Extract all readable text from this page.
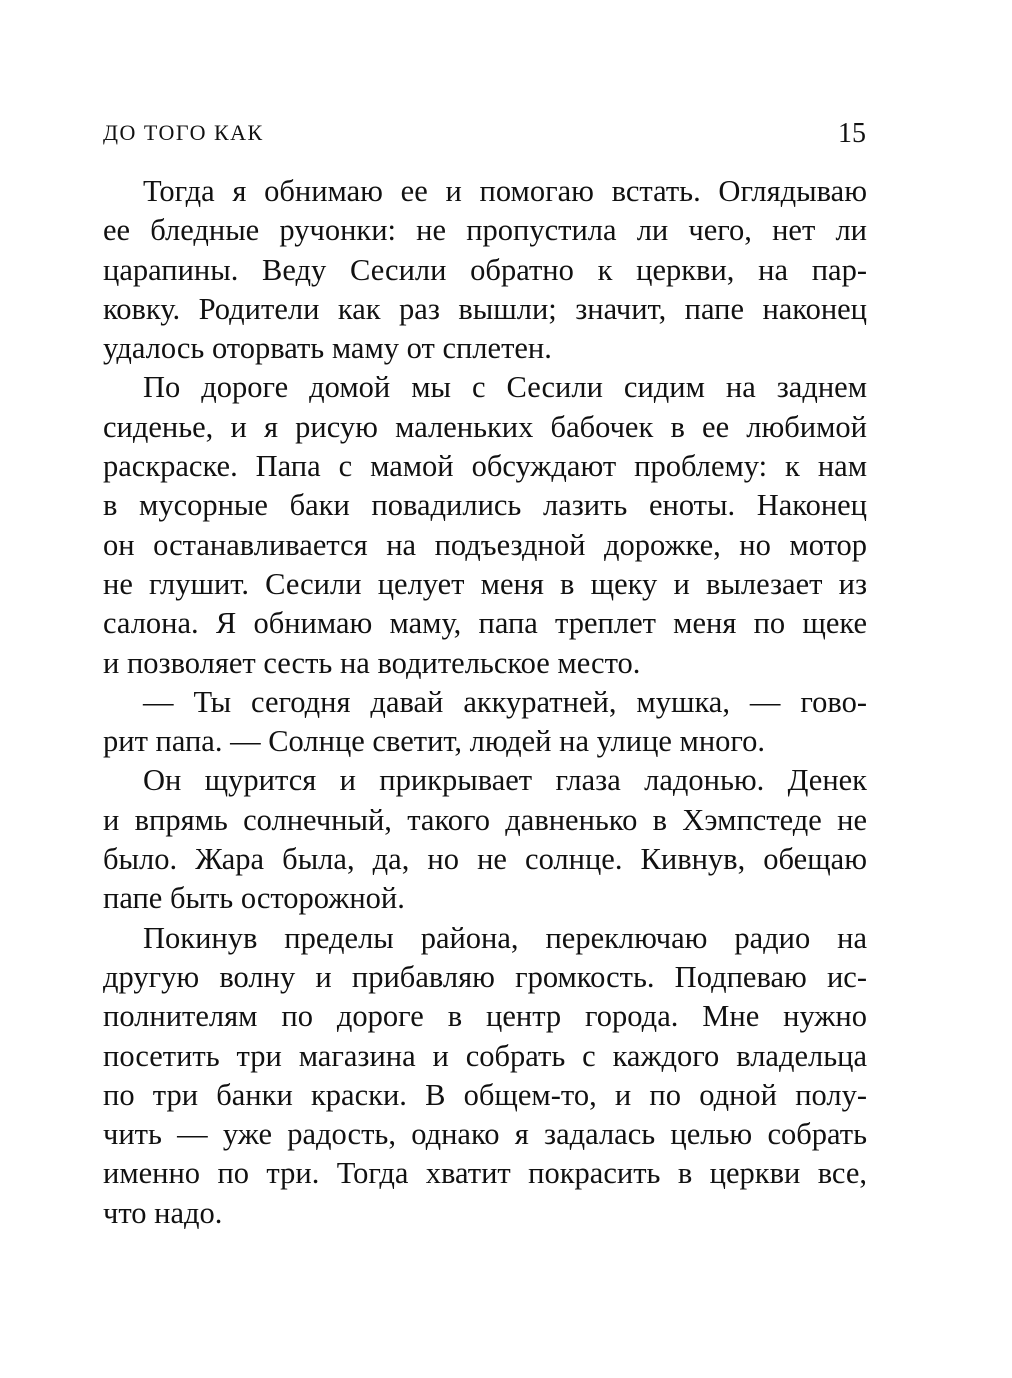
ДО ТОГО КАК	15
Тогда я обнимаю ее и помогаю встать. Оглядываю
ее бледные ручонки: не пропустила ли чего, нет ли
царапины. Веду Сесили обратно к церкви, на пар-
ковку. Родители как раз вышли; значит, папе наконец
удалось оторвать маму от сплетен.
По дороге домой мы с Сесили сидим на заднем
сиденье, и я рисую маленьких бабочек в ее любимой
раскраске. Папа с мамой обсуждают проблему: к нам
в мусорные баки повадились лазить еноты. Наконец
он останавливается на подъездной дорожке, но мотор
не глушит. Сесили целует меня в щеку и вылезает из
салона. Я обнимаю маму, папа треплет меня по щеке
и позволяет сесть на водительское место.
— Ты сегодня давай аккуратней, мушка, — гово-
рит папа. — Солнце светит, людей на улице много.
Он щурится и прикрывает глаза ладонью. Денек
и впрямь солнечный, такого давненько в Хэмпстеде не
было. Жара была, да, но не солнце. Кивнув, обещаю
папе быть осторожной.
Покинув пределы района, переключаю радио на
другую волну и прибавляю громкость. Подпеваю ис-
полнителям по дороге в центр города. Мне нужно
посетить три магазина и собрать с каждого владельца
по три банки краски. В общем-то, и по одной полу-
чить — уже радость, однако я задалась целью собрать
именно по три. Тогда хватит покрасить в церкви все,
что надо.
